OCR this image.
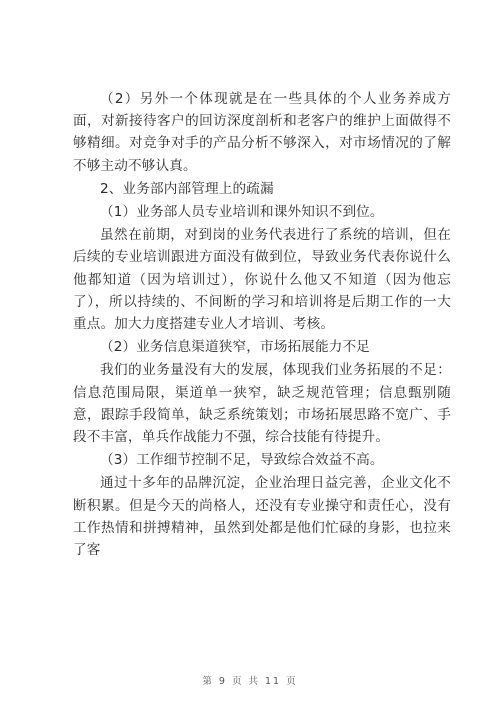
（2）另外一个体现就是在一些具体的个人业务养成方面，对新接待客户的回访深度剖析和老客户的维护上面做得不够精细。对竞争对手的产品分析不够深入，对市场情况的了解不够主动不够认真。

2、业务部内部管理上的疏漏

（1）业务部人员专业培训和课外知识不到位。

虽然在前期，对到岗的业务代表进行了系统的培训，但在后续的专业培训跟进方面没有做到位，导致业务代表你说什么他都知道（因为培训过），你说什么他又不知道（因为他忘了），所以持续的、不间断的学习和培训将是后期工作的一大重点。加大力度搭建专业人才培训、考核。

（2）业务信息渠道狭窄，市场拓展能力不足

我们的业务量没有大的发展，体现我们业务拓展的不足：信息范围局限，渠道单一狭窄，缺乏规范管理；信息甄别随意，跟踪手段简单，缺乏系统策划；市场拓展思路不宽广、手段不丰富，单兵作战能力不强，综合技能有待提升。

（3）工作细节控制不足，导致综合效益不高。

通过十多年的品牌沉淀，企业治理日益完善，企业文化不断积累。但是今天的尚格人，还没有专业操守和责任心，没有工作热情和拼搏精神，虽然到处都是他们忙碌的身影，也拉来了客

第 9 页 共 11 页
